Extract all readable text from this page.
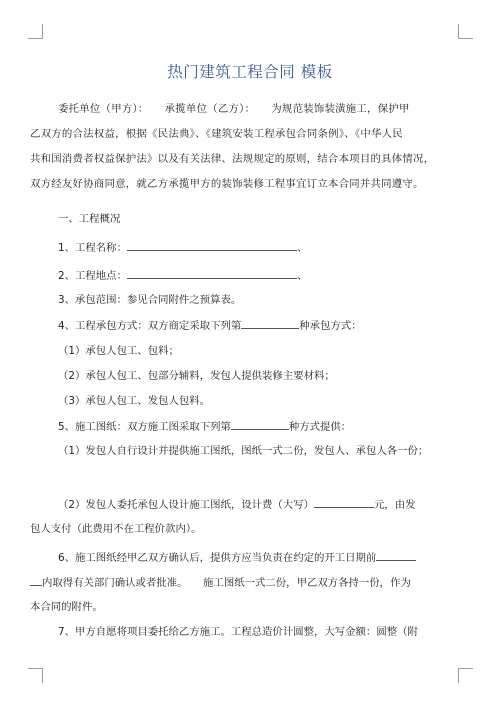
热门建筑工程合同 模板
委托单位（甲方）：　　承揽单位（乙方）：　　为规范装饰装潢施工，保护甲
乙双方的合法权益，根据《民法典》、《建筑安装工程承包合同条例》、《中华人民
共和国消费者权益保护法》以及有关法律、法规规定的原则，结合本项目的具体情况，
双方经友好协商同意，就乙方承揽甲方的装饰装修工程事宜订立本合同并共同遵守。
一、工程概况
1、工程名称：	、
2、工程地点：	、
3、承包范围：参见合同附件之预算表。
4、工程承包方式：双方商定采取下列第	种承包方式：
（1）承包人包工、包料；
（2）承包人包工、包部分辅料，发包人提供装修主要材料；
（3）承包人包工、发包人包料。
5、施工图纸：双方施工图采取下列第	种方式提供：
（1）发包人自行设计并提供施工图纸，图纸一式二份，发包人、承包人各一份；
（2）发包人委托承包人设计施工图纸，设计费（大写）	元，由发
包人支付（此费用不在工程价款内）。
6、施工图纸经甲乙双方确认后，提供方应当负责在约定的开工日期前
内取得有关部门确认或者批准。　　施工图纸一式二份，甲乙双方各持一份，作为
本合同的附件。
7、甲方自愿将项目委托给乙方施工。工程总造价计圆整，大写金额：圆整（附
